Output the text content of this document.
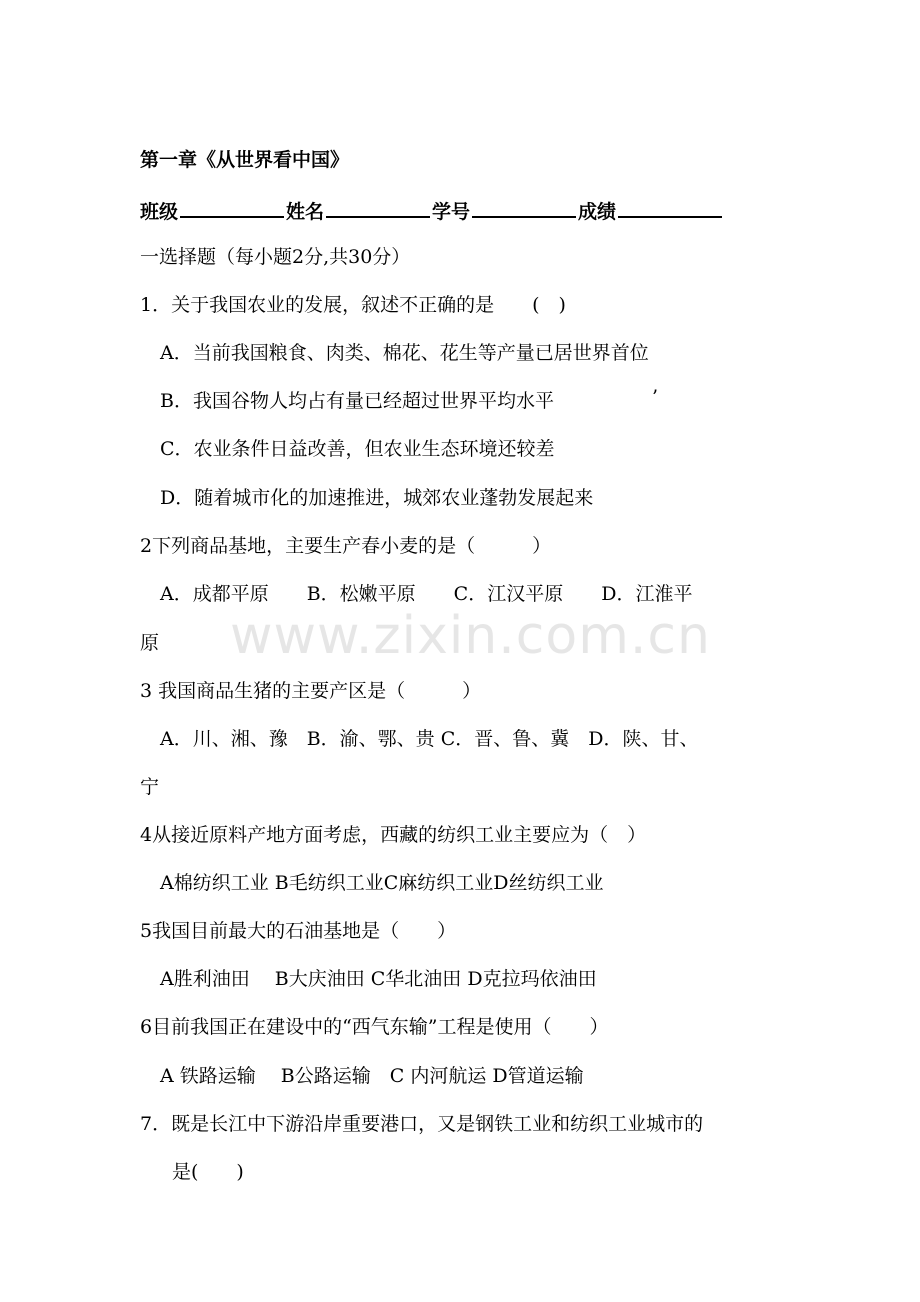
www.zixin.com.cn
第一章《从世界看中国》
班级	姓名	学号	成绩
一选择题（每小题2分,共30分）
1．关于我国农业的发展，叙述不正确的是　　(　)
A．当前我国粮食、肉类、棉花、花生等产量已居世界首位
B．我国谷物人均占有量已经超过世界平均水平	’
C．农业条件日益改善，但农业生态环境还较差
D．随着城市化的加速推进，城郊农业蓬勃发展起来
2下列商品基地，主要生产春小麦的是（　　　）
A．成都平原　　B．松嫩平原　　C．江汉平原　　D．江淮平
原
3 我国商品生猪的主要产区是（　　　）
A．川、湘、豫　B．渝、鄂、贵 C．晋、鲁、冀　D．陕、甘、
宁
4从接近原料产地方面考虑，西藏的纺织工业主要应为（　）
A棉纺织工业 B毛纺织工业C麻纺织工业D丝纺织工业
5我国目前最大的石油基地是（　　）
A胜利油田　 B大庆油田 C华北油田 D克拉玛依油田
6目前我国正在建设中的“西气东输”工程是使用（　　）
A 铁路运输　 B公路运输　C 内河航运 D管道运输
7．既是长江中下游沿岸重要港口，又是钢铁工业和纺织工业城市的
是(　　)
